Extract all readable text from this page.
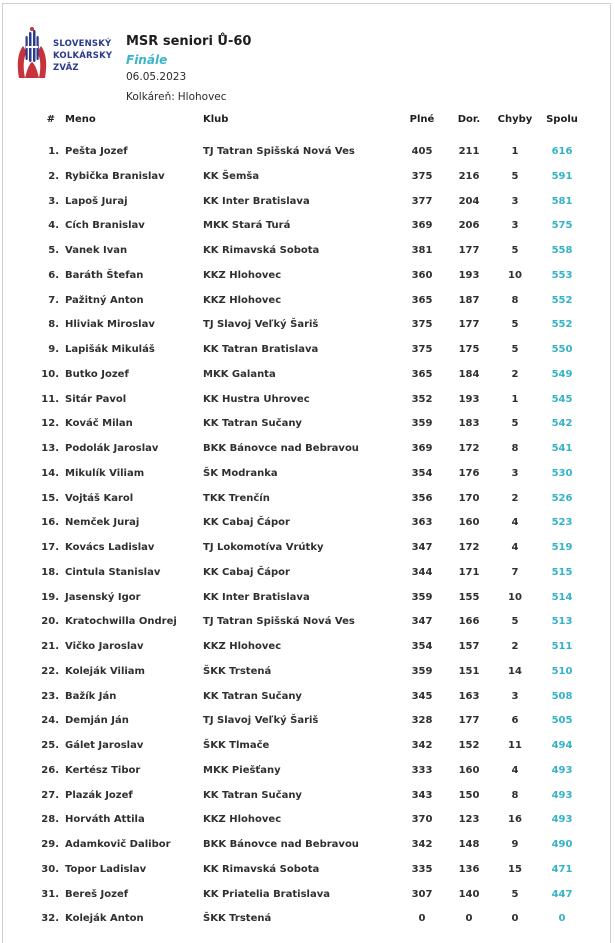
SLOVENSKÝ
KOLKÁRSKY
ZVÄZ
MSR seniori Ů-60
Finále
06.05.2023
Kolkáreň: Hlohovec
# Meno	Klub	Plné	Dor.	Chyby	Spolu
1. Pešta Jozef	TJ Tatran Spišská Nová Ves	405	211	1	616
2. Rybička Branislav	KK Šemša	375	216	5	591
3. Lapoš Juraj	KK Inter Bratislava	377	204	3	581
4. Cích Branislav	MKK Stará Turá	369	206	3	575
5. Vanek Ivan	KK Rimavská Sobota	381	177	5	558
6. Baráth Štefan	KKZ Hlohovec	360	193	10	553
7. Pažitný Anton	KKZ Hlohovec	365	187	8	552
8. Hliviak Miroslav	TJ Slavoj Veľký Šariš	375	177	5	552
9. Lapišák Mikuláš	KK Tatran Bratislava	375	175	5	550
10. Butko Jozef	MKK Galanta	365	184	2	549
11. Sitár Pavol	KK Hustra Uhrovec	352	193	1	545
12. Kováč Milan	KK Tatran Sučany	359	183	5	542
13. Podolák Jaroslav	BKK Bánovce nad Bebravou	369	172	8	541
14. Mikulík Viliam	ŠK Modranka	354	176	3	530
15. Vojtáš Karol	TKK Trenčín	356	170	2	526
16. Nemček Juraj	KK Cabaj Čápor	363	160	4	523
17. Kovács Ladislav	TJ Lokomotíva Vrútky	347	172	4	519
18. Cintula Stanislav	KK Cabaj Čápor	344	171	7	515
19. Jasenský Igor	KK Inter Bratislava	359	155	10	514
20. Kratochwilla Ondrej	TJ Tatran Spišská Nová Ves	347	166	5	513
21. Vičko Jaroslav	KKZ Hlohovec	354	157	2	511
22. Koleják Viliam	ŠKK Trstená	359	151	14	510
23. Bažík Ján	KK Tatran Sučany	345	163	3	508
24. Demján Ján	TJ Slavoj Veľký Šariš	328	177	6	505
25. Gálet Jaroslav	ŠKK Tlmače	342	152	11	494
26. Kertész Tibor	MKK Piešťany	333	160	4	493
27. Plazák Jozef	KK Tatran Sučany	343	150	8	493
28. Horváth Attila	KKZ Hlohovec	370	123	16	493
29. Adamkovič Dalibor	BKK Bánovce nad Bebravou	342	148	9	490
30. Topor Ladislav	KK Rimavská Sobota	335	136	15	471
31. Bereš Jozef	KK Priatelia Bratislava	307	140	5	447
32. Koleják Anton	ŠKK Trstená	0	0	0	0
